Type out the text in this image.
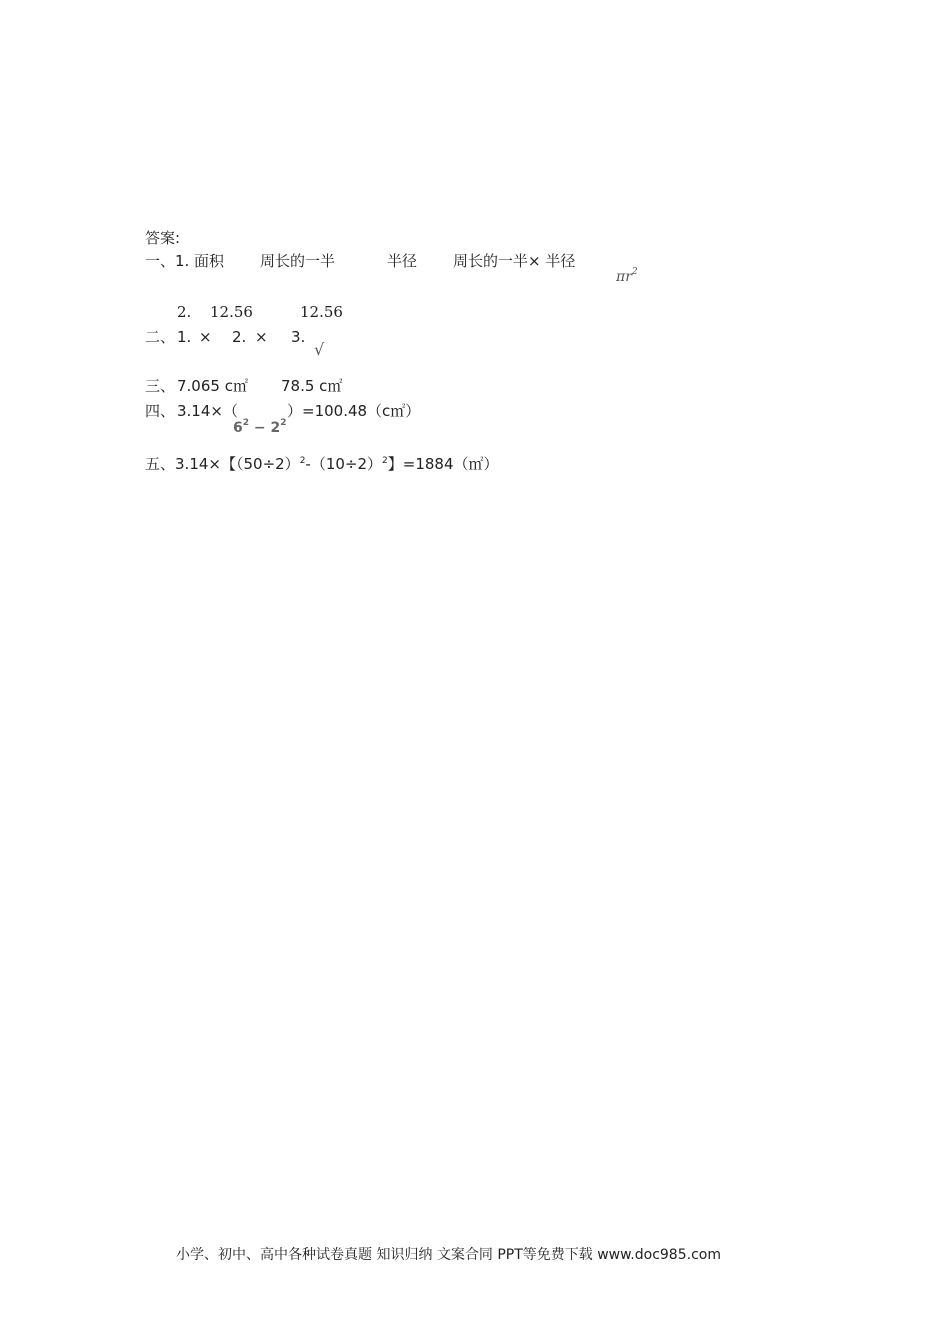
答案:
一、1. 面积 周长的一半	半径 周长的一半× 半径
$\pi r^2$
2. 12.56	12.56
二、 1. × 2. × 3.
√
三、 7.065 c㎡ 78.5 c㎡
四、 3.14×（
$6^2 - 2^2$
）=100.48（c㎡）
五、3.14×【$(50\div 2)^2-(10\div 2)^2$】=1884（㎡）
小学、初中、高中各种试卷真题 知识归纳 文案合同 PPT等免费下载 www.doc985.com
